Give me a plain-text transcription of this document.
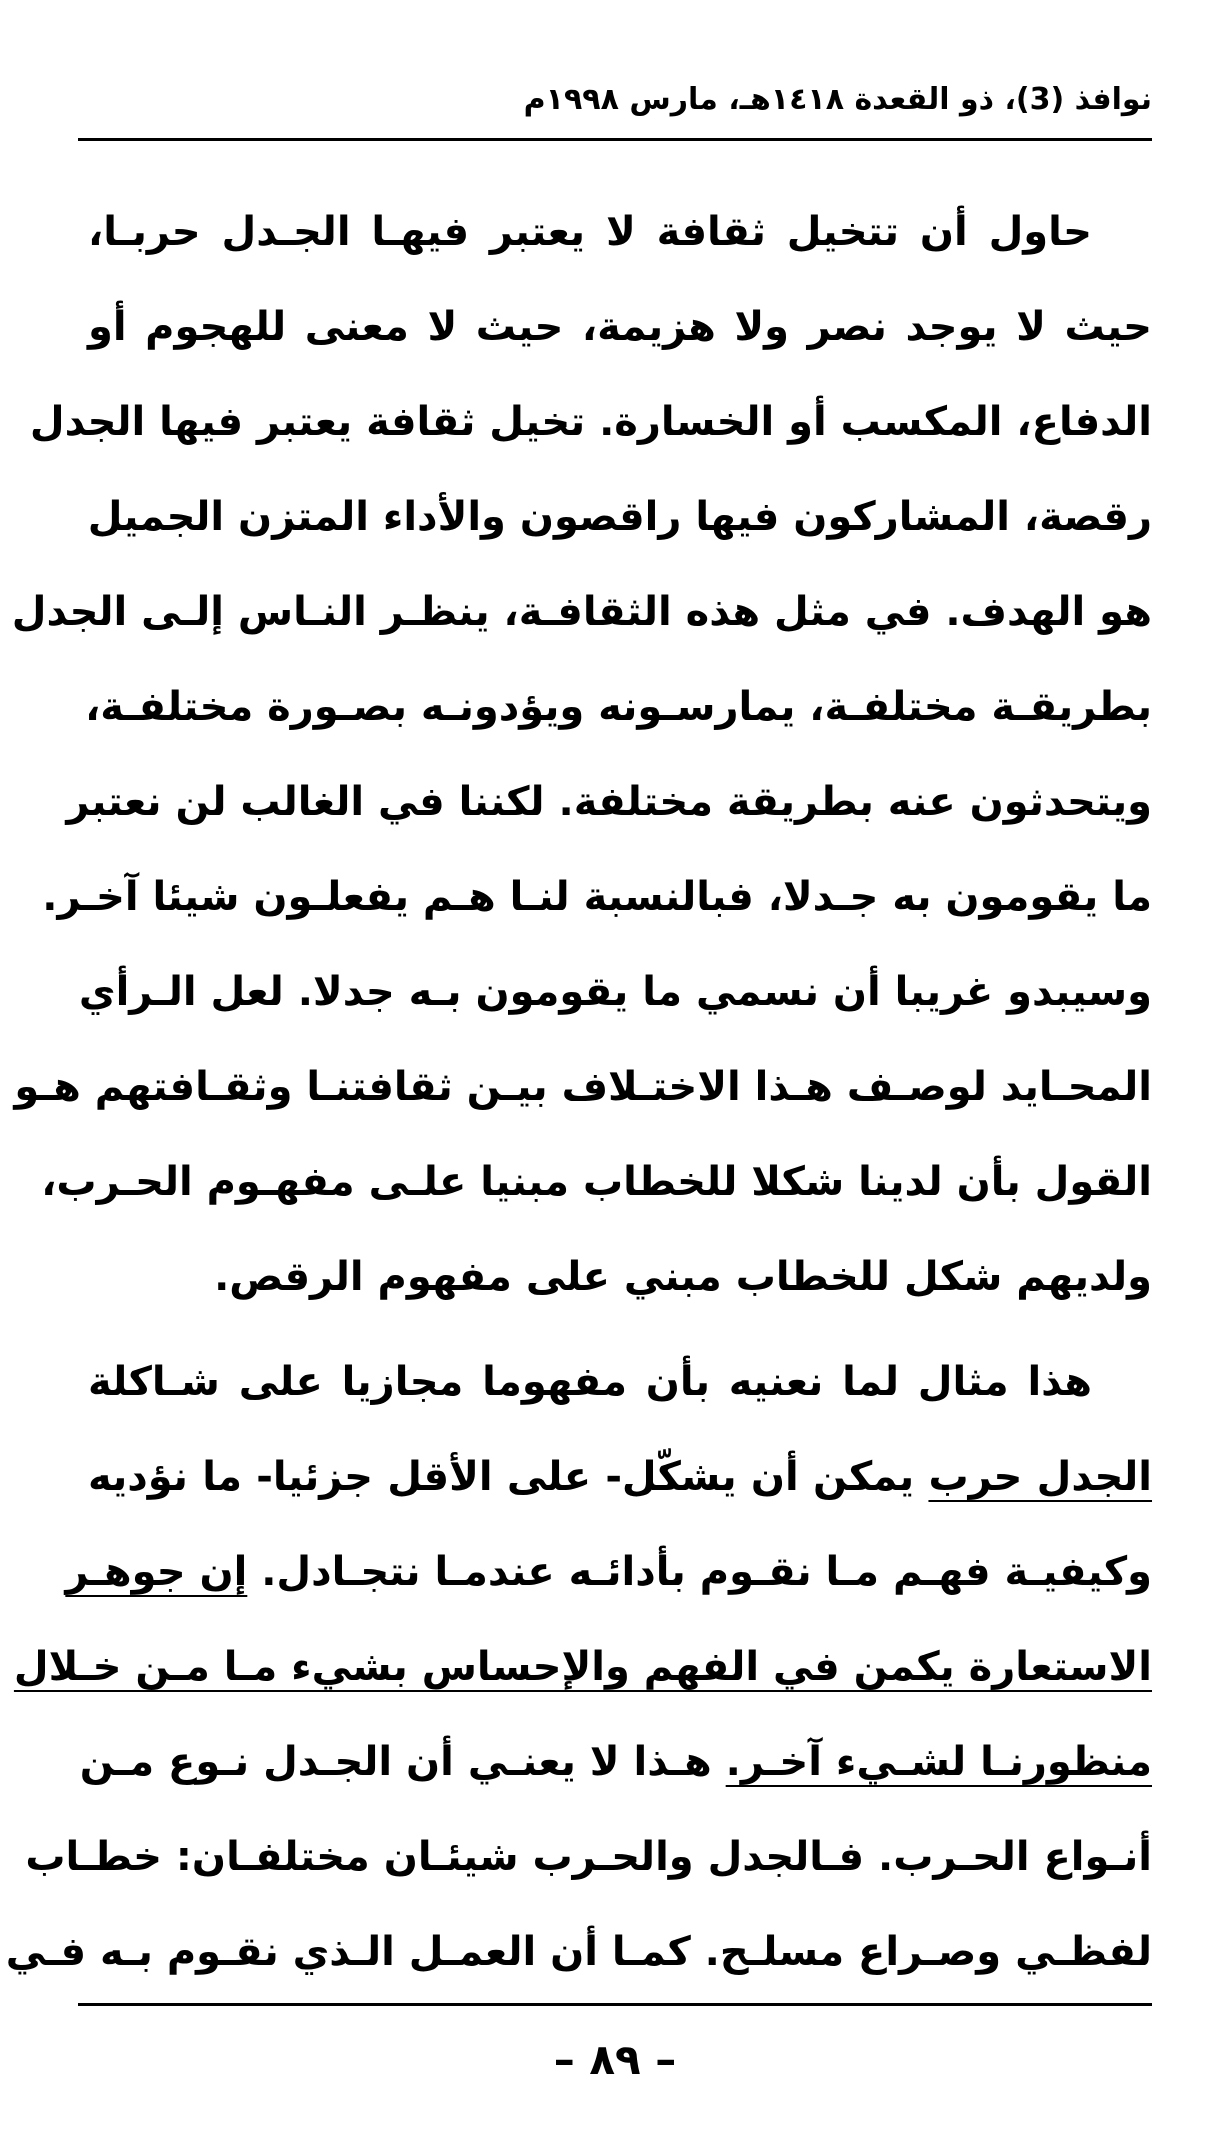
نوافذ (3)، ذو القعدة ١٤١٨هـ، مارس ١٩٩٨م
حاول أن تتخيل ثقافة لا يعتبر فيهـا الجـدل حربـا،
حيث لا يوجد نصر ولا هزيمة، حيث لا معنى للهجوم أو
الدفاع، المكسب أو الخسارة. تخيل ثقافة يعتبر فيها الجدل
رقصة، المشاركون فيها راقصون والأداء المتزن الجميل
هو الهدف. في مثل هذه الثقافـة، ينظـر النـاس إلـى الجدل
بطريقـة مختلفـة، يمارسـونه ويؤدونـه بصـورة مختلفـة،
ويتحدثون عنه بطريقة مختلفة. لكننا في الغالب لن نعتبر
ما يقومون به جـدلا، فبالنسبة لنـا هـم يفعلـون شيئا آخـر.
وسيبدو غريبا أن نسمي ما يقومون بـه جدلا. لعل الـرأي
المحـايد لوصـف هـذا الاختـلاف بيـن ثقافتنـا وثقـافتهم هـو
القول بأن لدينا شكلا للخطاب مبنيا علـى مفهـوم الحـرب،
ولديهم شكل للخطاب مبني على مفهوم الرقص.
هذا مثال لما نعنيه بأن مفهوما مجازيا على شـاكلة
الجدل حرب يمكن أن يشكّل- على الأقل جزئيا- ما نؤديه
وكيفيـة فهـم مـا نقـوم بأدائـه عندمـا نتجـادل. إن جوهـر
الاستعارة يكمن في الفهم والإحساس بشيء مـا مـن خـلال
منظورنـا لشـيء آخـر. هـذا لا يعنـي أن الجـدل نـوع مـن
أنـواع الحـرب. فـالجدل والحـرب شيئـان مختلفـان: خطـاب
لفظـي وصـراع مسلـح. كمـا أن العمـل الـذي نقـوم بـه فـي
– ٨٩ –
